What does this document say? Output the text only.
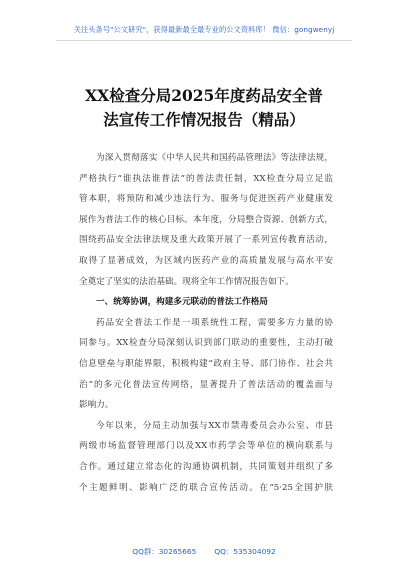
关注头条号"公文研究"，获得最新最全最专业的公文资料库！ 微信：gongwenyj
XX检查分局2025年度药品安全普
法宣传工作情况报告（精品）
为深入贯彻落实《中华人民共和国药品管理法》等法律法规，
严格执行“谁执法谁普法”的普法责任制，XX检查分局立足监
管本职，将预防和减少违法行为、服务与促进医药产业健康发
展作为普法工作的核心目标。本年度，分局整合资源、创新方式，
围绕药品安全法律法规及重大政策开展了一系列宣传教育活动，
取得了显著成效，为区域内医药产业的高质量发展与高水平安
全奠定了坚实的法治基础。现将全年工作情况报告如下。
一、统筹协调，构建多元联动的普法工作格局
药品安全普法工作是一项系统性工程，需要多方力量的协
同参与。XX检查分局深刻认识到部门联动的重要性，主动打破
信息壁垒与职能界限，积极构建“政府主导、部门协作、社会共
治”的多元化普法宣传网络，显著提升了普法活动的覆盖面与
影响力。
今年以来，分局主动加强与XX市禁毒委员会办公室、市县
两级市场监督管理部门以及XX市药学会等单位的横向联系与
合作。通过建立常态化的沟通协调机制，共同策划并组织了多
个主题鲜明、影响广泛的联合宣传活动。在“5·25全国护肤
QQ群：30265665 QQ：535304092
